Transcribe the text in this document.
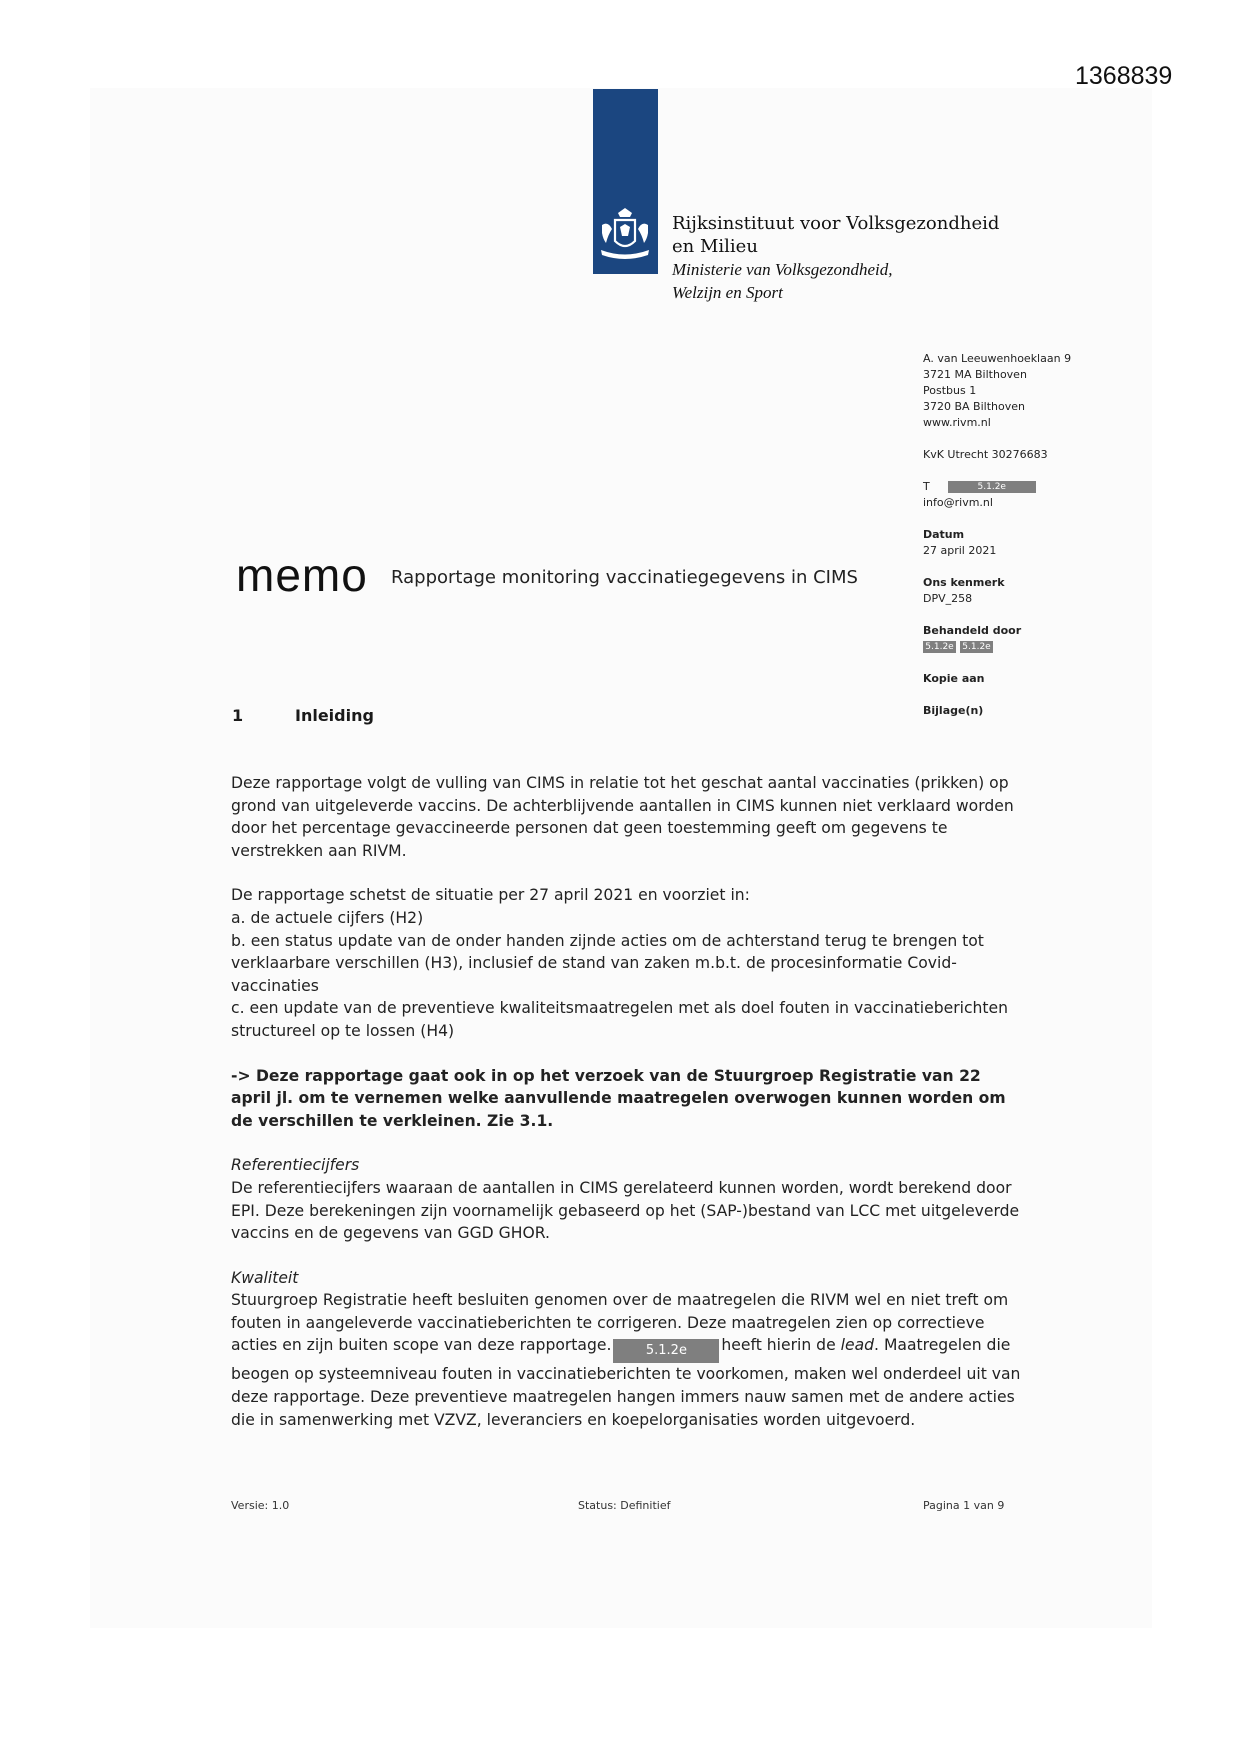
1368839
Rijksinstituut voor Volksgezondheid
en Milieu
Ministerie van Volksgezondheid,
Welzijn en Sport
A. van Leeuwenhoeklaan 9
3721 MA Bilthoven
Postbus 1
3720 BA Bilthoven
www.rivm.nl
KvK Utrecht 30276683
T	5.1.2e
info@rivm.nl
Datum
27 april 2021
Ons kenmerk
DPV_258
Behandeld door
5.1.2e 5.1.2e
Kopie aan
Bijlage(n)
memo Rapportage monitoring vaccinatiegegevens in CIMS
1	Inleiding

Deze rapportage volgt de vulling van CIMS in relatie tot het geschat aantal vaccinaties (prikken) op grond van uitgeleverde vaccins. De achterblijvende aantallen in CIMS kunnen niet verklaard worden door het percentage gevaccineerde personen dat geen toestemming geeft om gegevens te verstrekken aan RIVM.

De rapportage schetst de situatie per 27 april 2021 en voorziet in:
a. de actuele cijfers (H2)
b. een status update van de onder handen zijnde acties om de achterstand terug te brengen tot verklaarbare verschillen (H3), inclusief de stand van zaken m.b.t. de procesinformatie Covid-vaccinaties
c. een update van de preventieve kwaliteitsmaatregelen met als doel fouten in vaccinatieberichten structureel op te lossen (H4)

-> Deze rapportage gaat ook in op het verzoek van de Stuurgroep Registratie van 22 april jl. om te vernemen welke aanvullende maatregelen overwogen kunnen worden om de verschillen te verkleinen. Zie 3.1.

Referentiecijfers
De referentiecijfers waaraan de aantallen in CIMS gerelateerd kunnen worden, wordt berekend door EPI. Deze berekeningen zijn voornamelijk gebaseerd op het (SAP-)bestand van LCC met uitgeleverde vaccins en de gegevens van GGD GHOR.

Kwaliteit
Stuurgroep Registratie heeft besluiten genomen over de maatregelen die RIVM wel en niet treft om fouten in aangeleverde vaccinatieberichten te corrigeren. Deze maatregelen zien op correctieve acties en zijn buiten scope van deze rapportage.	5.1.2e heeft hierin de lead. Maatregelen die beogen op systeemniveau fouten in vaccinatieberichten te voorkomen, maken wel onderdeel uit van deze rapportage. Deze preventieve maatregelen hangen immers nauw samen met de andere acties die in samenwerking met VZVZ, leveranciers en koepelorganisaties worden uitgevoerd.

Versie: 1.0	Status: Definitief	Pagina 1 van 9
